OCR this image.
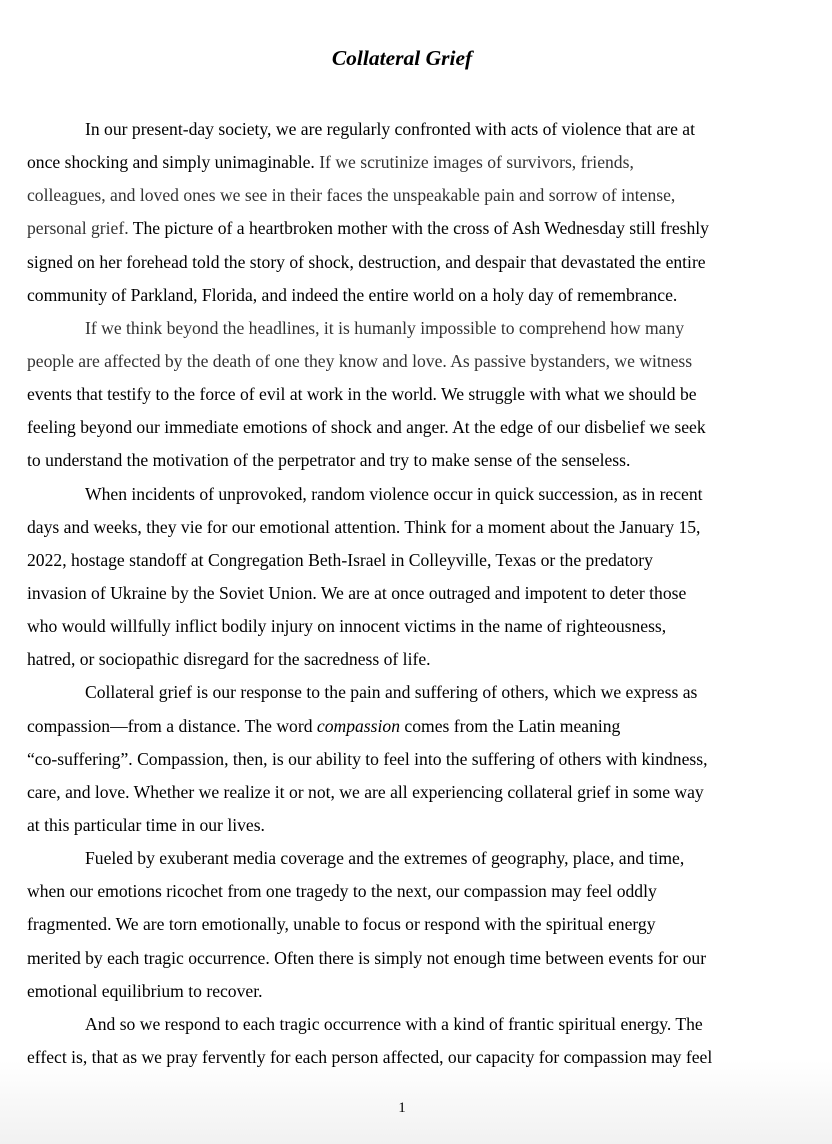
Collateral Grief
In our present-day society, we are regularly confronted with acts of violence that are at
once shocking and simply unimaginable. If we scrutinize images of survivors, friends,
colleagues, and loved ones we see in their faces the unspeakable pain and sorrow of intense,
personal grief. The picture of a heartbroken mother with the cross of Ash Wednesday still freshly
signed on her forehead told the story of shock, destruction, and despair that devastated the entire
community of Parkland, Florida, and indeed the entire world on a holy day of remembrance.
If we think beyond the headlines, it is humanly impossible to comprehend how many
people are affected by the death of one they know and love. As passive bystanders, we witness
events that testify to the force of evil at work in the world. We struggle with what we should be
feeling beyond our immediate emotions of shock and anger. At the edge of our disbelief we seek
to understand the motivation of the perpetrator and try to make sense of the senseless.
When incidents of unprovoked, random violence occur in quick succession, as in recent
days and weeks, they vie for our emotional attention. Think for a moment about the January 15,
2022, hostage standoff at Congregation Beth-Israel in Colleyville, Texas or the predatory
invasion of Ukraine by the Soviet Union. We are at once outraged and impotent to deter those
who would willfully inflict bodily injury on innocent victims in the name of righteousness,
hatred, or sociopathic disregard for the sacredness of life.
Collateral grief is our response to the pain and suffering of others, which we express as
compassion—from a distance. The word compassion comes from the Latin meaning
“co-suffering”. Compassion, then, is our ability to feel into the suffering of others with kindness,
care, and love. Whether we realize it or not, we are all experiencing collateral grief in some way
at this particular time in our lives.
Fueled by exuberant media coverage and the extremes of geography, place, and time,
when our emotions ricochet from one tragedy to the next, our compassion may feel oddly
fragmented. We are torn emotionally, unable to focus or respond with the spiritual energy
merited by each tragic occurrence. Often there is simply not enough time between events for our
emotional equilibrium to recover.
And so we respond to each tragic occurrence with a kind of frantic spiritual energy. The
effect is, that as we pray fervently for each person affected, our capacity for compassion may feel
1
